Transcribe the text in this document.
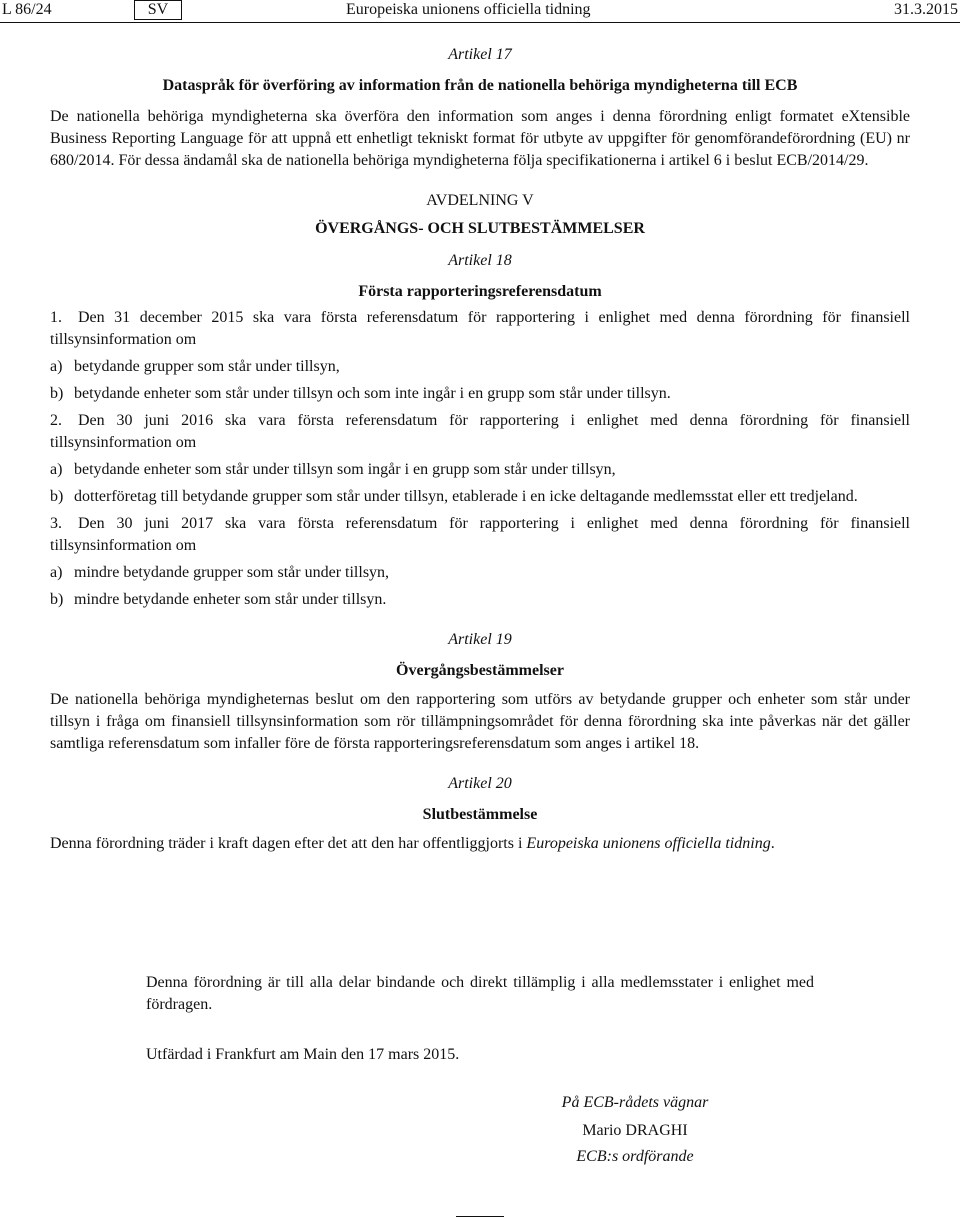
L 86/24	SV	Europeiska unionens officiella tidning	31.3.2015

Artikel 17

Dataspråk för överföring av information från de nationella behöriga myndigheterna till ECB

De nationella behöriga myndigheterna ska överföra den information som anges i denna förordning enligt formatet eXtensible Business Reporting Language för att uppnå ett enhetligt tekniskt format för utbyte av uppgifter för genomförandeförordning (EU) nr 680/2014. För dessa ändamål ska de nationella behöriga myndigheterna följa specifikationerna i artikel 6 i beslut ECB/2014/29.

AVDELNING V

ÖVERGÅNGS- OCH SLUTBESTÄMMELSER

Artikel 18

Första rapporteringsreferensdatum

1. Den 31 december 2015 ska vara första referensdatum för rapportering i enlighet med denna förordning för finansiell tillsynsinformation om

a) betydande grupper som står under tillsyn,
b) betydande enheter som står under tillsyn och som inte ingår i en grupp som står under tillsyn.

2. Den 30 juni 2016 ska vara första referensdatum för rapportering i enlighet med denna förordning för finansiell tillsynsinformation om

a) betydande enheter som står under tillsyn som ingår i en grupp som står under tillsyn,
b) dotterföretag till betydande grupper som står under tillsyn, etablerade i en icke deltagande medlemsstat eller ett tredjeland.

3. Den 30 juni 2017 ska vara första referensdatum för rapportering i enlighet med denna förordning för finansiell tillsynsinformation om

a) mindre betydande grupper som står under tillsyn,
b) mindre betydande enheter som står under tillsyn.

Artikel 19

Övergångsbestämmelser

De nationella behöriga myndigheternas beslut om den rapportering som utförs av betydande grupper och enheter som står under tillsyn i fråga om finansiell tillsynsinformation som rör tillämpningsområdet för denna förordning ska inte påverkas när det gäller samtliga referensdatum som infaller före de första rapporteringsreferensdatum som anges i artikel 18.

Artikel 20

Slutbestämmelse

Denna förordning träder i kraft dagen efter det att den har offentliggjorts i Europeiska unionens officiella tidning.

Denna förordning är till alla delar bindande och direkt tillämplig i alla medlemsstater i enlighet med fördragen.

Utfärdad i Frankfurt am Main den 17 mars 2015.

På ECB-rådets vägnar
Mario DRAGHI
ECB:s ordförande
